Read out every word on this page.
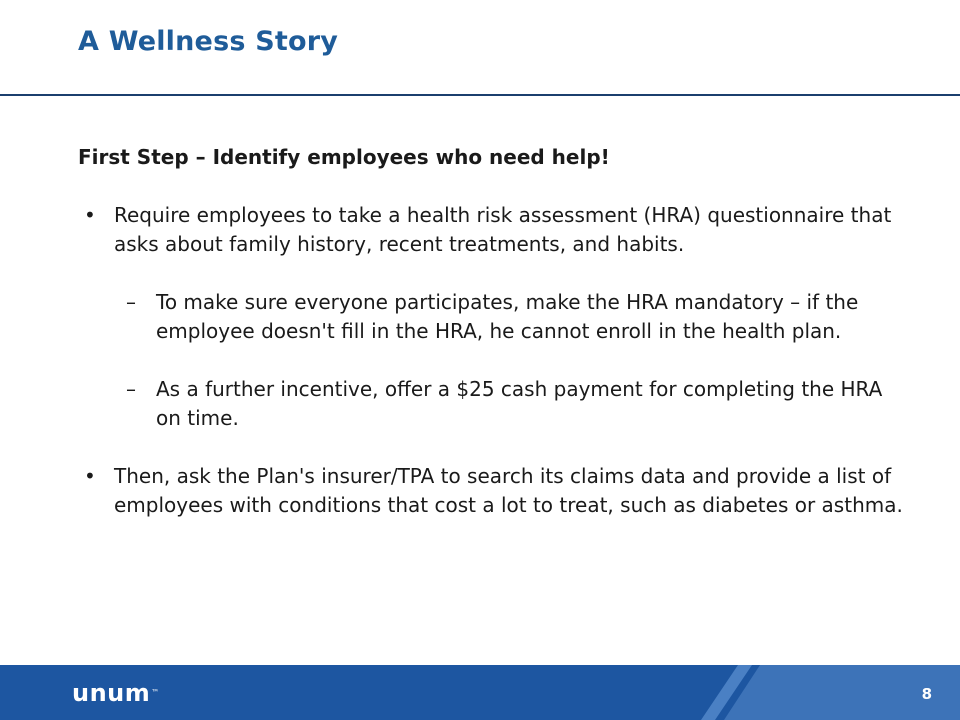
A Wellness Story
First Step – Identify employees who need help!
• Require employees to take a health risk assessment (HRA) questionnaire that asks about family history, recent treatments, and habits.
– To make sure everyone participates, make the HRA mandatory – if the employee doesn't fill in the HRA, he cannot enroll in the health plan.
– As a further incentive, offer a $25 cash payment for completing the HRA on time.
• Then, ask the Plan's insurer/TPA to search its claims data and provide a list of employees with conditions that cost a lot to treat, such as diabetes or asthma.
unum™	8
